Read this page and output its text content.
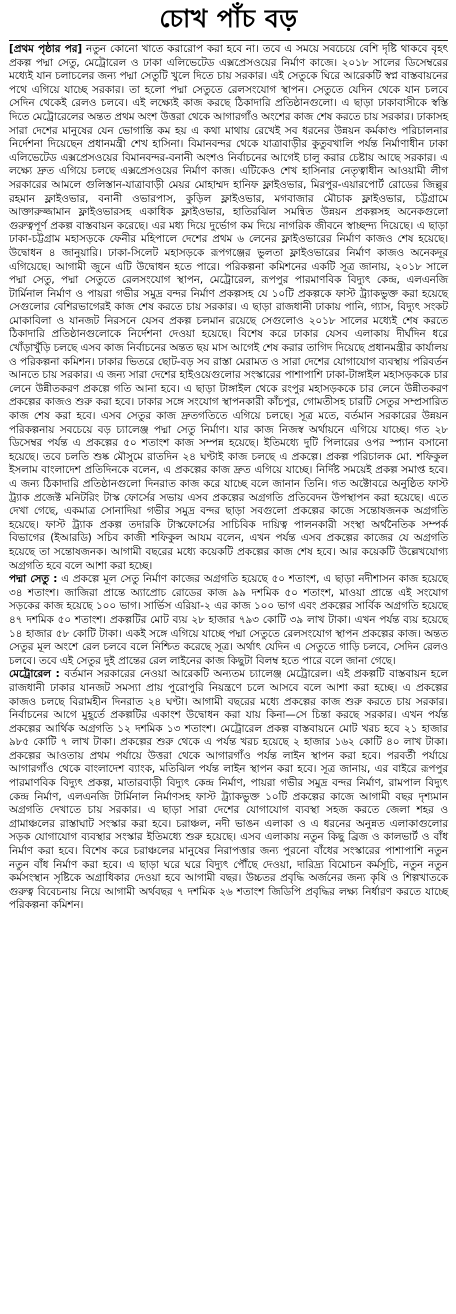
চোখ পাঁচ বড়

[প্রথম পৃষ্ঠার পর] নতুন কোনো খাতে করারোপ করা হবে না। তবে এ সময়ে সবচেয়ে বেশি দৃষ্টি থাকবে বৃহৎ প্রকল্প পদ্মা সেতু, মেট্রোরেল ও ঢাকা এলিভেটেড এক্সপ্রেসওয়ের নির্মাণ কাজে। ২০১৮ সালের ডিসেম্বরের মধ্যেই যান চলাচলের জন্য পদ্মা সেতুটি খুলে দিতে চায় সরকার। এই সেতুকে ঘিরে আরেকটি স্বপ্ন বাস্তবায়নের পথে এগিয়ে যাচ্ছে সরকার। তা হলো পদ্মা সেতুতে রেলসংযোগ স্থাপন। সেতুতে যেদিন থেকে যান চলবে সেদিন থেকেই রেলও চলবে। এই লক্ষ্যেই কাজ করছে ঠিকাদারি প্রতিষ্ঠানগুলো। এ ছাড়া ঢাকাবাসীকে স্বস্তি দিতে মেট্রোরেলের অন্তত প্রথম অংশ উত্তরা থেকে আগারগাঁও অংশের কাজ শেষ করতে চায় সরকার। ঢাকাসহ সারা দেশের মানুষের যেন ভোগান্তি কম হয় এ কথা মাথায় রেখেই সব ধরনের উন্নয়ন কর্মকাণ্ড পরিচালনার নির্দেশনা দিয়েছেন প্রধানমন্ত্রী শেখ হাসিনা। বিমানবন্দর থেকে যাত্রাবাড়ীর কুতুবখালি পর্যন্ত নির্মাণাধীন ঢাকা এলিভেটেড এক্সপ্রেসওয়ের বিমানবন্দর-বনানী অংশও নির্বাচনের আগেই চালু করার চেষ্টায় আছে সরকার। এ লক্ষ্যে দ্রুত এগিয়ে চলছে এক্সপ্রেসওয়ের নির্মাণ কাজ। এটিকেও শেখ হাসিনার নেতৃত্বাধীন আওয়ামী লীগ সরকারের আমলে গুলিস্তান-যাত্রাবাড়ী মেয়র মোহাম্মদ হানিফ ফ্লাইওভার, মিরপুর-এয়ারপোর্ট রোডের জিল্লুর রহমান ফ্লাইওভার, বনানী ওভারপাস, কুড়িল ফ্লাইওভার, মগবাজার মৌচাক ফ্লাইওভার, চট্টগ্রামে আক্তারুজ্জামান ফ্লাইওভারসহ একাধিক ফ্লাইওভার, হাতিরঝিল সমন্বিত উন্নয়ন প্রকল্পসহ অনেকগুলো গুরুত্বপূর্ণ প্রকল্প বাস্তবায়ন করেছে। এর মধ্য দিয়ে দুর্ভোগ কম দিয়ে নাগরিক জীবনে স্বাচ্ছন্দ্য দিয়েছে। এ ছাড়া ঢাকা-চট্টগ্রাম মহাসড়কে ফেনীর মহিপালে দেশের প্রথম ৬ লেনের ফ্লাইওভারের নির্মাণ কাজও শেষ হয়েছে। উদ্বোধন ৪ জানুয়ারি। ঢাকা-সিলেট মহাসড়কে রূপগঞ্জের ভুলতা ফ্লাইওভারের নির্মাণ কাজও অনেকদূর এগিয়েছে। আগামী জুনে এটি উদ্বোধন হতে পারে। পরিকল্পনা কমিশনের একটি সূত্র জানায়, ২০১৮ সালে পদ্মা সেতু, পদ্মা সেতুতে রেলসংযোগ স্থাপন, মেট্রোরেল, রূপপুর পারমাণবিক বিদ্যুৎ কেন্দ্র, এলএনজি টার্মিনাল নির্মাণ ও পায়রা গভীর সমুদ্র বন্দর নির্মাণ প্রকল্পসহ যে ১০টি প্রকল্পকে ফাস্ট ট্র্যাকভুক্ত করা হয়েছে সেগুলোর বেশিরভাগেরই কাজ শেষ করতে চায় সরকার। এ ছাড়া রাজধানী ঢাকায় পানি, গ্যাস, বিদ্যুৎ সংকট মোকাবিলা ও যানজট নিরসনে যেসব প্রকল্প চলমান রয়েছে সেগুলোও ২০১৮ সালের মধ্যেই শেষ করতে ঠিকাদারি প্রতিষ্ঠানগুলোকে নির্দেশনা দেওয়া হয়েছে। বিশেষ করে ঢাকার যেসব এলাকায় দীর্ঘদিন ধরে খোঁড়াখুঁড়ি চলছে এসব কাজ নির্বাচনের অন্তত ছয় মাস আগেই শেষ করার তাগিদ দিয়েছে প্রধানমন্ত্রীর কার্যালয় ও পরিকল্পনা কমিশন। ঢাকার ভিতরে ছোট-বড় সব রাস্তা মেরামত ও সারা দেশের যোগাযোগ ব্যবস্থায় পরিবর্তন আনতে চায় সরকার। এ জন্য সারা দেশের হাইওয়েগুলোর সংস্কারের পাশাপাশি ঢাকা-টাঙ্গাইল মহাসড়ককে চার লেনে উন্নীতকরণ প্রকল্পে গতি আনা হবে। এ ছাড়া টাঙ্গাইল থেকে রংপুর মহাসড়ককে চার লেনে উন্নীতকরণ প্রকল্পের কাজও শুরু করা হবে। ঢাকার সঙ্গে সংযোগ স্থাপনকারী কাঁচপুর, গোমতীসহ চারটি সেতুর সম্প্রসারিত কাজ শেষ করা হবে। এসব সেতুর কাজ দ্রুতগতিতে এগিয়ে চলছে। সূত্র মতে, বর্তমান সরকারের উন্নয়ন পরিকল্পনায় সবচেয়ে বড় চ্যালেঞ্জ পদ্মা সেতু নির্মাণ। যার কাজ নিজস্ব অর্থায়নে এগিয়ে যাচ্ছে। গত ২৮ ডিসেম্বর পর্যন্ত এ প্রকল্পের ৫০ শতাংশ কাজ সম্পন্ন হয়েছে। ইতিমধ্যে দুটি পিলারের ওপর স্প্যান বসানো হয়েছে। তবে চলতি শুষ্ক মৌসুমে রাতদিন ২৪ ঘণ্টাই কাজ চলছে এ প্রকল্পে। প্রকল্প পরিচালক মো. শফিকুল ইসলাম বাংলাদেশ প্রতিদিনকে বলেন, এ প্রকল্পের কাজ দ্রুত এগিয়ে যাচ্ছে। নির্দিষ্ট সময়েই প্রকল্প সমাপ্ত হবে। এ জন্য ঠিকাদারি প্রতিষ্ঠানগুলো দিনরাত কাজ করে যাচ্ছে বলে জানান তিনি। গত অক্টোবরে অনুষ্ঠিত ফাস্ট ট্র্যাক প্রজেক্ট মনিটরিং টাস্ক ফোর্সের সভায় এসব প্রকল্পের অগ্রগতি প্রতিবেদন উপস্থাপন করা হয়েছে। এতে দেখা গেছে, একমাত্র সোনাদিয়া গভীর সমুদ্র বন্দর ছাড়া সবগুলো প্রকল্পের কাজে সন্তোষজনক অগ্রগতি হয়েছে। ফাস্ট ট্র্যাক প্রকল্প তদারকি টাস্কফোর্সের সাচিবিক দায়িত্ব পালনকারী সংস্থা অর্থনৈতিক সম্পর্ক বিভাগের (ইআরডি) সচিব কাজী শফিকুল আযম বলেন, এখন পর্যন্ত এসব প্রকল্পের কাজের যে অগ্রগতি হয়েছে তা সন্তোষজনক। আগামী বছরের মধ্যে কয়েকটি প্রকল্পের কাজ শেষ হবে। আর কয়েকটি উল্লেখযোগ্য অগ্রগতি হবে বলে আশা করা হচ্ছে।

পদ্মা সেতু : এ প্রকল্পে মূল সেতু নির্মাণ কাজের অগ্রগতি হয়েছে ৫০ শতাংশ, এ ছাড়া নদীশাসন কাজ হয়েছে ৩৪ শতাংশ। জাজিরা প্রান্তে অ্যাপ্রোচ রোডের কাজ ৯৯ দশমিক ৫০ শতাংশ, মাওয়া প্রান্তে এই সংযোগ সড়কের কাজ হয়েছে ১০০ ভাগ। সার্ভিস এরিয়া-২ এর কাজ ১০০ ভাগ এবং প্রকল্পের সার্বিক অগ্রগতি হয়েছে ৪৭ দশমিক ৫০ শতাংশ। প্রকল্পটির মোট ব্যয় ২৮ হাজার ৭৯৩ কোটি ৩৯ লাখ টাকা। এখন পর্যন্ত ব্যয় হয়েছে ১৪ হাজার ৫৮ কোটি টাকা। একই সঙ্গে এগিয়ে যাচ্ছে পদ্মা সেতুতে রেলসংযোগ স্থাপন প্রকল্পের কাজ। অন্তত সেতুর মূল অংশে রেল চলবে বলে নিশ্চিত করেছে সূত্র। অর্থাৎ যেদিন এ সেতুতে গাড়ি চলবে, সেদিন রেলও চলবে। তবে এই সেতুর দুই প্রান্তের রেল লাইনের কাজ কিছুটা বিলম্ব হতে পারে বলে জানা গেছে।

মেট্রোরেল : বর্তমান সরকারের নেওয়া আরেকটি অন্যতম চ্যালেঞ্জ মেট্রোরেল। এই প্রকল্পটি বাস্তবায়ন হলে রাজধানী ঢাকার যানজট সমস্যা প্রায় পুরোপুরি নিয়ন্ত্রণে চলে আসবে বলে আশা করা হচ্ছে। এ প্রকল্পের কাজও চলছে বিরামহীন দিনরাত ২৪ ঘণ্টা। আগামী বছরের মধ্যে প্রকল্পের কাজ শুরু করতে চায় সরকার। নির্বাচনের আগে মুহূর্তে প্রকল্পটির একাংশ উদ্বোধন করা যায় কিনা—সে চিন্তা করছে সরকার। এখন পর্যন্ত প্রকল্পের আর্থিক অগ্রগতি ১২ দশমিক ১৩ শতাংশ। মেট্রোরেল প্রকল্প বাস্তবায়নে মোট খরচ হবে ২১ হাজার ৯৮৫ কোটি ৭ লাখ টাকা। প্রকল্পের শুরু থেকে এ পর্যন্ত খরচ হয়েছে ২ হাজার ১৬২ কোটি ৪০ লাখ টাকা। প্রকল্পের আওতায় প্রথম পর্যায়ে উত্তরা থেকে আগারগাঁও পর্যন্ত লাইন স্থাপন করা হবে। পরবর্তী পর্যায়ে আগারগাঁও থেকে বাংলাদেশ ব্যাংক, মতিঝিল পর্যন্ত লাইন স্থাপন করা হবে। সূত্র জানায়, এর বাইরে রূপপুর পারমাণবিক বিদ্যুৎ প্রকল্প, মাতারবাড়ী বিদ্যুৎ কেন্দ্র নির্মাণ, পায়রা গভীর সমুদ্র বন্দর নির্মাণ, রামপাল বিদ্যুৎ কেন্দ্র নির্মাণ, এলএনজি টার্মিনাল নির্মাণসহ ফাস্ট ট্র্যাকভুক্ত ১০টি প্রকল্পের কাজে আগামী বছর দৃশ্যমান অগ্রগতি দেখাতে চায় সরকার। এ ছাড়া সারা দেশের যোগাযোগ ব্যবস্থা সহজ করতে জেলা শহর ও গ্রামাঞ্চলের রাস্তাঘাট সংস্কার করা হবে। চরাঞ্চল, নদী ভাঙন এলাকা ও এ ধরনের অনুন্নত এলাকাগুলোর সড়ক যোগাযোগ ব্যবস্থার সংস্কার ইতিমধ্যে শুরু হয়েছে। এসব এলাকায় নতুন কিছু ব্রিজ ও কালভার্ট ও বাঁধ নির্মাণ করা হবে। বিশেষ করে চরাঞ্চলের মানুষের নিরাপত্তার জন্য পুরনো বাঁধের সংস্কারের পাশাপাশি নতুন নতুন বাঁধ নির্মাণ করা হবে। এ ছাড়া ঘরে ঘরে বিদ্যুৎ পৌঁছে দেওয়া, দারিদ্র্য বিমোচন কর্মসূচি, নতুন নতুন কর্মসংস্থান সৃষ্টিকে অগ্রাধিকার দেওয়া হবে আগামী বছর। উচ্চতর প্রবৃদ্ধি অর্জনের জন্য কৃষি ও শিল্পখাতকে গুরুত্ব বিবেচনায় নিয়ে আগামী অর্থবছর ৭ দশমিক ২৬ শতাংশ জিডিপি প্রবৃদ্ধির লক্ষ্য নির্ধারণ করতে যাচ্ছে পরিকল্পনা কমিশন।
